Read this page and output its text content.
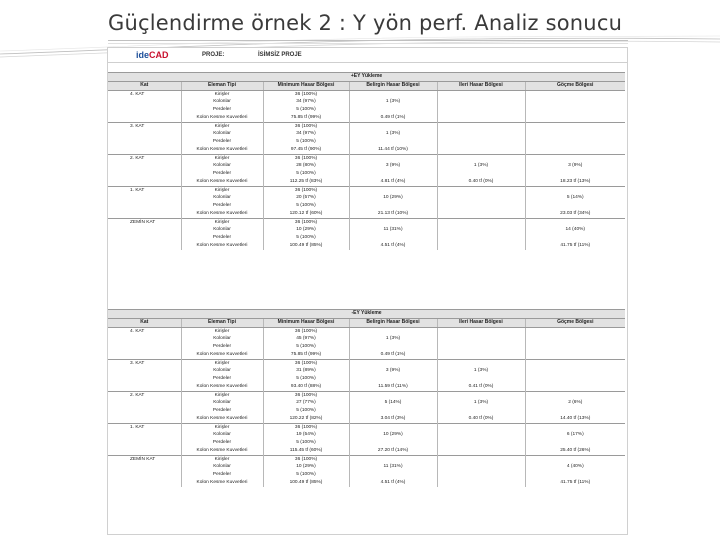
Güçlendirme örnek 2 : Y yön perf. Analiz sonucu
ideCAD	PROJE:	İSİMSİZ PROJE
+EY Yükleme					
Kat	Eleman Tipi	Minimum Hasar Bölgesi	Belirgin Hasar Bölgesi	İleri Hasar Bölgesi	Göçme Bölgesi
4. KAT	Kirişler	36 (100%)			
	Kolonlar	34 (97%)	1 (3%)		
	Perdeler	5 (100%)			
	Kolon Kesme Kuvvetleri	75.85 tf (99%)	0.49 tf (1%)		
3. KAT	Kirişler	36 (100%)			
	Kolonlar	34 (97%)	1 (3%)		
	Perdeler	5 (100%)			
	Kolon Kesme Kuvvetleri	97.45 tf (90%)	11.44 tf (10%)		
2. KAT	Kirişler	36 (100%)			
	Kolonlar	28 (80%)	3 (9%)	1 (3%)	3 (9%)
	Perdeler	5 (100%)			
	Kolon Kesme Kuvvetleri	112.25 tf (83%)	4.81 tf (4%)	0.40 tf (0%)	18.23 tf (13%)
1. KAT	Kirişler	36 (100%)			
	Kolonlar	20 (57%)	10 (29%)		5 (14%)
	Perdeler	5 (100%)			
	Kolon Kesme Kuvvetleri	120.12 tf (60%)	21.13 tf (10%)		23.03 tf (34%)
ZEMİN KAT	Kirişler	36 (100%)			
	Kolonlar	10 (29%)	11 (31%)		14 (40%)
	Perdeler	5 (100%)			
	Kolon Kesme Kuvvetleri	100.49 tf (85%)	4.51 tf (4%)		41.75 tf (11%)
-EY Yükleme					
Kat	Eleman Tipi	Minimum Hasar Bölgesi	Belirgin Hasar Bölgesi	İleri Hasar Bölgesi	Göçme Bölgesi
4. KAT	Kirişler	36 (100%)			
	Kolonlar	45 (97%)	1 (3%)		
	Perdeler	5 (100%)			
	Kolon Kesme Kuvvetleri	75.85 tf (99%)	0.49 tf (1%)		
3. KAT	Kirişler	36 (100%)			
	Kolonlar	31 (89%)	3 (9%)	1 (3%)	
	Perdeler	5 (100%)			
	Kolon Kesme Kuvvetleri	93.40 tf (88%)	11.59 tf (11%)	0.41 tf (0%)	
2. KAT	Kirişler	36 (100%)			
	Kolonlar	27 (77%)	5 (14%)	1 (3%)	2 (6%)
	Perdeler	5 (100%)			
	Kolon Kesme Kuvvetleri	120.22 tf (82%)	3.04 tf (3%)	0.40 tf (0%)	14.40 tf (13%)
1. KAT	Kirişler	36 (100%)			
	Kolonlar	19 (54%)	10 (29%)		6 (17%)
	Perdeler	5 (100%)			
	Kolon Kesme Kuvvetleri	115.45 tf (60%)	27.20 tf (14%)		25.40 tf (26%)
ZEMİN KAT	Kirişler	36 (100%)			
	Kolonlar	10 (29%)	11 (31%)		4 (40%)
	Perdeler	5 (100%)			
	Kolon Kesme Kuvvetleri	100.49 tf (85%)	4.51 tf (4%)		41.75 tf (11%)
